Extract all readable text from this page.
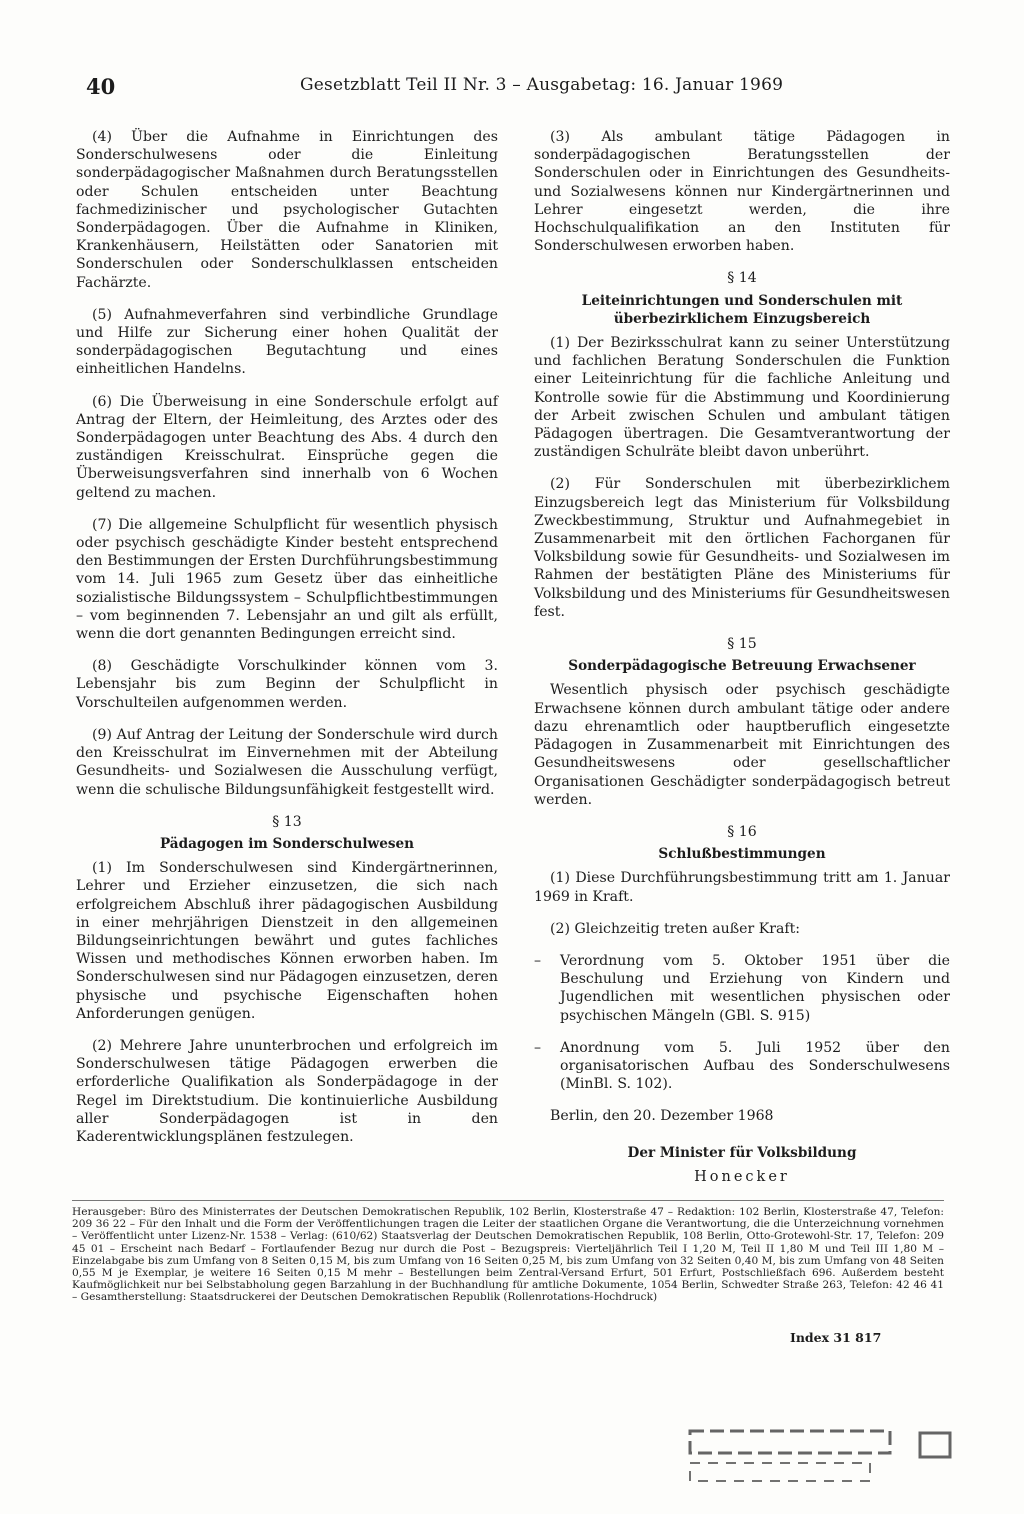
40	Gesetzblatt Teil II Nr. 3 – Ausgabetag: 16. Januar 1969

(4) Über die Aufnahme in Einrichtungen des Sonderschulwesens oder die Einleitung sonderpädagogischer Maßnahmen durch Beratungsstellen oder Schulen entscheiden unter Beachtung fachmedizinischer und psychologischer Gutachten Sonderpädagogen. Über die Aufnahme in Kliniken, Krankenhäusern, Heilstätten oder Sanatorien mit Sonderschulen oder Sonderschulklassen entscheiden Fachärzte.

(5) Aufnahmeverfahren sind verbindliche Grundlage und Hilfe zur Sicherung einer hohen Qualität der sonderpädagogischen Begutachtung und eines einheitlichen Handelns.

(6) Die Überweisung in eine Sonderschule erfolgt auf Antrag der Eltern, der Heimleitung, des Arztes oder des Sonderpädagogen unter Beachtung des Abs. 4 durch den zuständigen Kreisschulrat. Einsprüche gegen die Überweisungsverfahren sind innerhalb von 6 Wochen geltend zu machen.

(7) Die allgemeine Schulpflicht für wesentlich physisch oder psychisch geschädigte Kinder besteht entsprechend den Bestimmungen der Ersten Durchführungsbestimmung vom 14. Juli 1965 zum Gesetz über das einheitliche sozialistische Bildungssystem – Schulpflichtbestimmungen – vom beginnenden 7. Lebensjahr an und gilt als erfüllt, wenn die dort genannten Bedingungen erreicht sind.

(8) Geschädigte Vorschulkinder können vom 3. Lebensjahr bis zum Beginn der Schulpflicht in Vorschulteilen aufgenommen werden.

(9) Auf Antrag der Leitung der Sonderschule wird durch den Kreisschulrat im Einvernehmen mit der Abteilung Gesundheits- und Sozialwesen die Ausschulung verfügt, wenn die schulische Bildungsunfähigkeit festgestellt wird.

§ 13

Pädagogen im Sonderschulwesen

(1) Im Sonderschulwesen sind Kindergärtnerinnen, Lehrer und Erzieher einzusetzen, die sich nach erfolgreichem Abschluß ihrer pädagogischen Ausbildung in einer mehrjährigen Dienstzeit in den allgemeinen Bildungseinrichtungen bewährt und gutes fachliches Wissen und methodisches Können erworben haben. Im Sonderschulwesen sind nur Pädagogen einzusetzen, deren physische und psychische Eigenschaften hohen Anforderungen genügen.

(2) Mehrere Jahre ununterbrochen und erfolgreich im Sonderschulwesen tätige Pädagogen erwerben die erforderliche Qualifikation als Sonderpädagoge in der Regel im Direktstudium. Die kontinuierliche Ausbildung aller Sonderpädagogen ist in den Kaderentwicklungsplänen festzulegen.

(3) Als ambulant tätige Pädagogen in sonderpädagogischen Beratungsstellen der Sonderschulen oder in Einrichtungen des Gesundheits- und Sozialwesens können nur Kindergärtnerinnen und Lehrer eingesetzt werden, die ihre Hochschulqualifikation an den Instituten für Sonderschulwesen erworben haben.

§ 14

Leiteinrichtungen und Sonderschulen mit überbezirklichem Einzugsbereich

(1) Der Bezirksschulrat kann zu seiner Unterstützung und fachlichen Beratung Sonderschulen die Funktion einer Leiteinrichtung für die fachliche Anleitung und Kontrolle sowie für die Abstimmung und Koordinierung der Arbeit zwischen Schulen und ambulant tätigen Pädagogen übertragen. Die Gesamtverantwortung der zuständigen Schulräte bleibt davon unberührt.

(2) Für Sonderschulen mit überbezirklichem Einzugsbereich legt das Ministerium für Volksbildung Zweckbestimmung, Struktur und Aufnahmegebiet in Zusammenarbeit mit den örtlichen Fachorganen für Volksbildung sowie für Gesundheits- und Sozialwesen im Rahmen der bestätigten Pläne des Ministeriums für Volksbildung und des Ministeriums für Gesundheitswesen fest.

§ 15

Sonderpädagogische Betreuung Erwachsener

Wesentlich physisch oder psychisch geschädigte Erwachsene können durch ambulant tätige oder andere dazu ehrenamtlich oder hauptberuflich eingesetzte Pädagogen in Zusammenarbeit mit Einrichtungen des Gesundheitswesens oder gesellschaftlicher Organisationen Geschädigter sonderpädagogisch betreut werden.

§ 16

Schlußbestimmungen

(1) Diese Durchführungsbestimmung tritt am 1. Januar 1969 in Kraft.

(2) Gleichzeitig treten außer Kraft:

– Verordnung vom 5. Oktober 1951 über die Beschulung und Erziehung von Kindern und Jugendlichen mit wesentlichen physischen oder psychischen Mängeln (GBl. S. 915)
– Anordnung vom 5. Juli 1952 über den organisatorischen Aufbau des Sonderschulwesens (MinBl. S. 102).

Berlin, den 20. Dezember 1968

Der Minister für Volksbildung
Honecker
Herausgeber: Büro des Ministerrates der Deutschen Demokratischen Republik, 102 Berlin, Klosterstraße 47 – Redaktion: 102 Berlin, Klosterstraße 47, Telefon: 209 36 22 – Für den Inhalt und die Form der Veröffentlichungen tragen die Leiter der staatlichen Organe die Verantwortung, die die Unterzeichnung vornehmen – Veröffentlicht unter Lizenz-Nr. 1538 – Verlag: (610/62) Staatsverlag der Deutschen Demokratischen Republik, 108 Berlin, Otto-Grotewohl-Str. 17, Telefon: 209 45 01 – Erscheint nach Bedarf – Fortlaufender Bezug nur durch die Post – Bezugspreis: Vierteljährlich Teil I 1,20 M, Teil II 1,80 M und Teil III 1,80 M – Einzelabgabe bis zum Umfang von 8 Seiten 0,15 M, bis zum Umfang von 16 Seiten 0,25 M, bis zum Umfang von 32 Seiten 0,40 M, bis zum Umfang von 48 Seiten 0,55 M je Exemplar, je weitere 16 Seiten 0,15 M mehr – Bestellungen beim Zentral-Versand Erfurt, 501 Erfurt, Postschließfach 696. Außerdem besteht Kaufmöglichkeit nur bei Selbstabholung gegen Barzahlung in der Buchhandlung für amtliche Dokumente, 1054 Berlin, Schwedter Straße 263, Telefon: 42 46 41 – Gesamtherstellung: Staatsdruckerei der Deutschen Demokratischen Republik (Rollenrotations-Hochdruck)
Index 31 817
